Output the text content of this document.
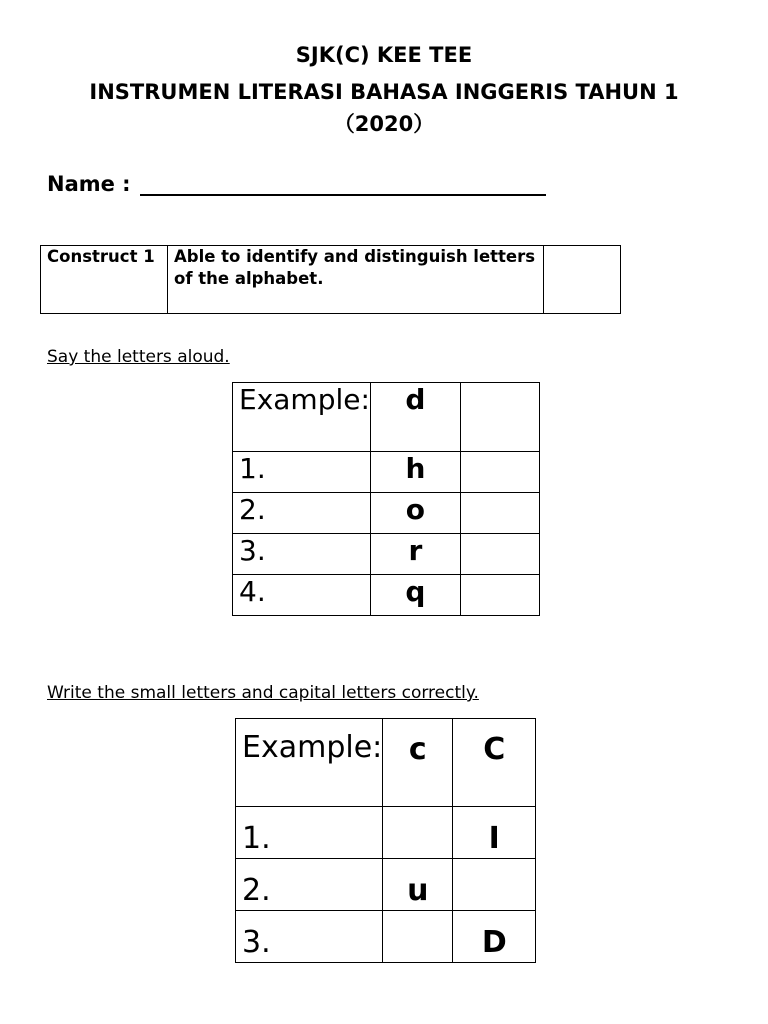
SJK(C) KEE TEE
INSTRUMEN LITERASI BAHASA INGGERIS TAHUN 1
（2020）
Name :
Construct 1	Able to identify and distinguish letters of the alphabet.	
Say the letters aloud.
Example:	d	
1.	h	
2.	o	
3.	r	
4.	q	
Write the small letters and capital letters correctly.
Example:	c	C
1.		I
2.	u	
3.		D
